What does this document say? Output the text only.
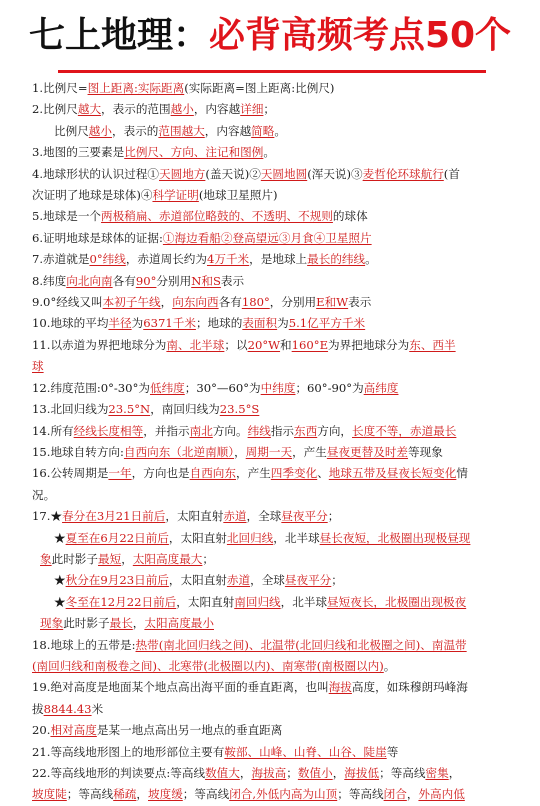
七上地理：必背高频考点50个
1.比例尺=图上距离:实际距离(实际距离=图上距离:比例尺)
2.比例尺越大，表示的范围越小，内容越详细；
比例尺越小，表示的范围越大，内容越简略。
3.地图的三要素是比例尺、方向、注记和图例。
4.地球形状的认识过程①天圆地方(盖天说)②天圆地圆(浑天说)③麦哲伦环球航行(首
次证明了地球是球体)④科学证明(地球卫星照片)
5.地球是一个两极稍扁、赤道部位略鼓的、不透明、不规则的球体
6.证明地球是球体的证据:①海边看船②登高望远③月食④卫星照片
7.赤道就是0°纬线，赤道周长约为4万千米，是地球上最长的纬线。
8.纬度向北向南各有90°分别用N和S表示
9.0°经线又叫本初子午线，向东向西各有180°，分别用E和W表示
10.地球的平均半径为6371千米；地球的表面积为5.1亿平方千米
11.以赤道为界把地球分为南、北半球；以20°W和160°E为界把地球分为东、西半
球
12.纬度范围:0°-30°为低纬度；30°—60°为中纬度；60°-90°为高纬度
13.北回归线为23.5°N，南回归线为23.5°S
14.所有经线长度相等，并指示南北方向。纬线指示东西方向，长度不等，赤道最长
15.地球自转方向:自西向东（北逆南顺），周期一天，产生昼夜更替及时差等现象
16.公转周期是一年，方向也是自西向东，产生四季变化、地球五带及昼夜长短变化情
况。
17.★春分在3月21日前后，太阳直射赤道，全球昼夜平分；
★夏至在6月22日前后，太阳直射北回归线，北半球昼长夜短，北极圈出现极昼现
象此时影子最短，太阳高度最大；
★秋分在9月23日前后，太阳直射赤道，全球昼夜平分；
★冬至在12月22日前后，太阳直射南回归线，北半球昼短夜长，北极圈出现极夜
现象此时影子最长，太阳高度最小
18.地球上的五带是:热带(南北回归线之间)、北温带(北回归线和北极圈之间)、南温带
(南回归线和南极卷之间)、北寒带(北极圈以内)、南寒带(南极圈以内)。
19.绝对高度是地面某个地点高出海平面的垂直距离，也叫海拔高度，如珠穆朗玛峰海
拔8844.43米
20.相对高度是某一地点高出另一地点的垂直距离
21.等高线地形图上的地形部位主要有鞍部、山峰、山脊、山谷、陡崖等
22.等高线地形的判读要点:等高线数值大，海拔高；数值小，海拔低；等高线密集，
坡度陡；等高线稀疏，坡度缓；等高线闭合,外低内高为山顶；等高线闭合，外高内低
